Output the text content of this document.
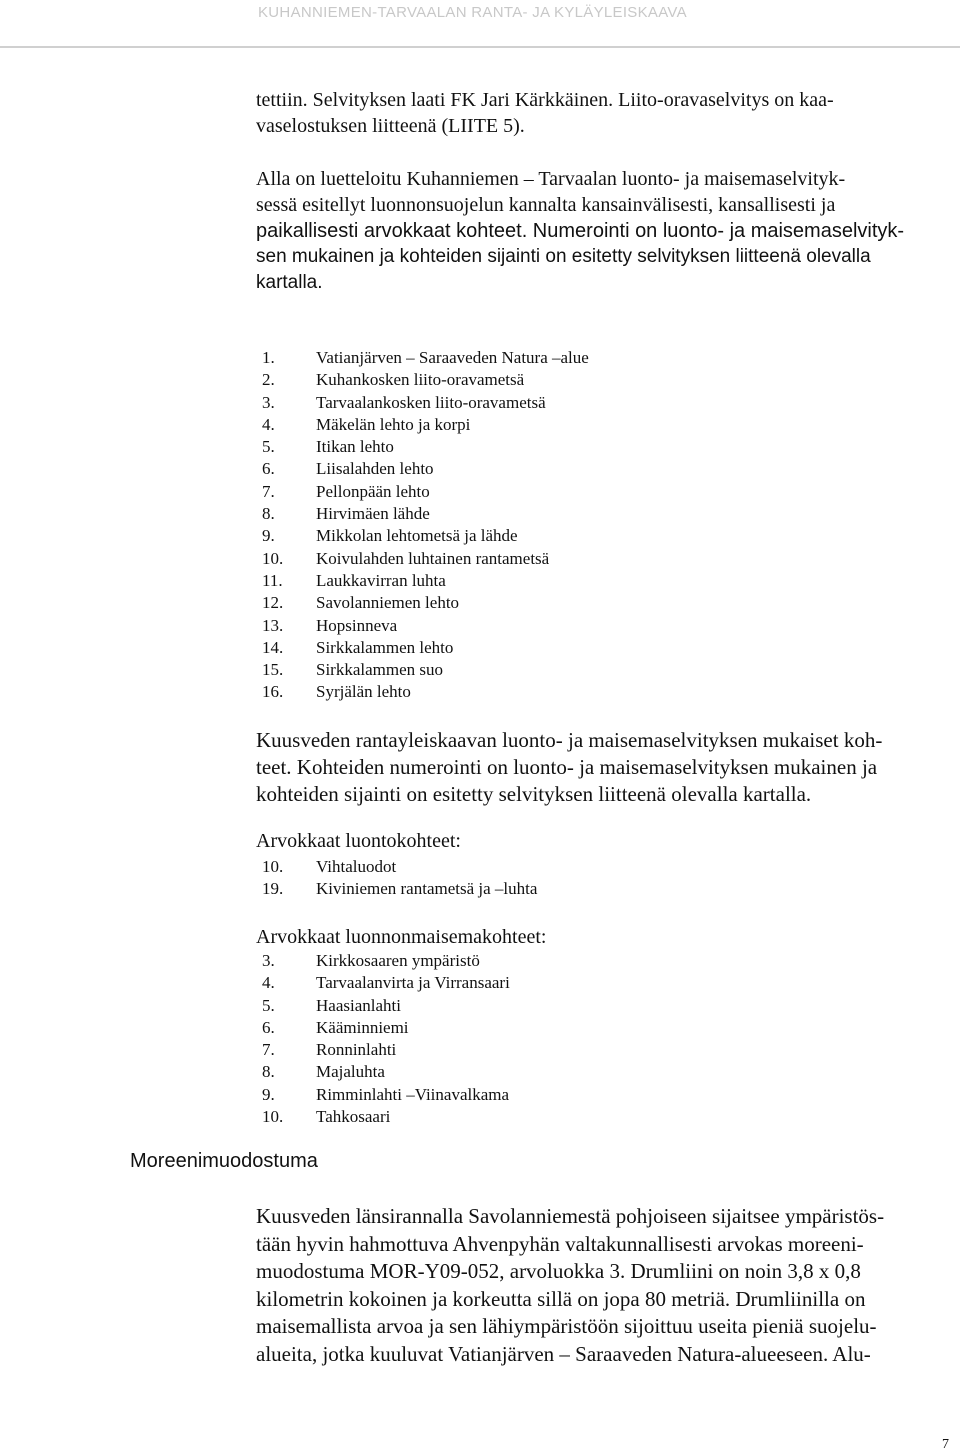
KUHANNIEMEN-TARVAALAN RANTA- JA KYLÄYLEISKAAVA
tettiin. Selvityksen laati FK Jari Kärkkäinen. Liito-oravaselvitys on kaa-
vaselostuksen liitteenä (LIITE 5).
Alla on luetteloitu Kuhanniemen – Tarvaalan luonto- ja maisemaselvityk-
sessä esitellyt luonnonsuojelun kannalta kansainvälisesti, kansallisesti ja
paikallisesti arvokkaat kohteet. Numerointi on luonto- ja maisemaselvityk-
sen mukainen ja kohteiden sijainti on esitetty selvityksen liitteenä olevalla
kartalla.
1.	Vatianjärven – Saraaveden Natura –alue
2.	Kuhankosken liito-oravametsä
3.	Tarvaalankosken liito-oravametsä
4.	Mäkelän lehto ja korpi
5.	Itikan lehto
6.	Liisalahden lehto
7.	Pellonpään lehto
8.	Hirvimäen lähde
9.	Mikkolan lehtometsä ja lähde
10.	Koivulahden luhtainen rantametsä
11.	Laukkavirran luhta
12.	Savolanniemen lehto
13.	Hopsinneva
14.	Sirkkalammen lehto
15.	Sirkkalammen suo
16.	Syrjälän lehto
Kuusveden rantayleiskaavan luonto- ja maisemaselvityksen mukaiset koh-
teet. Kohteiden numerointi on luonto- ja maisemaselvityksen mukainen ja
kohteiden sijainti on esitetty selvityksen liitteenä olevalla kartalla.
Arvokkaat luontokohteet:
10.	Vihtaluodot
19.	Kiviniemen rantametsä ja –luhta
Arvokkaat luonnonmaisemakohteet:
3.	Kirkkosaaren ympäristö
4.	Tarvaalanvirta ja Virransaari
5.	Haasianlahti
6.	Kääminniemi
7.	Ronninlahti
8.	Majaluhta
9.	Rimminlahti –Viinavalkama
10.	Tahkosaari
Moreenimuodostuma
Kuusveden länsirannalla Savolanniemestä pohjoiseen sijaitsee ympäristös-
tään hyvin hahmottuva Ahvenpyhän valtakunnallisesti arvokas moreeni-
muodostuma MOR-Y09-052, arvoluokka 3. Drumliini on noin 3,8 x 0,8
kilometrin kokoinen ja korkeutta sillä on jopa 80 metriä. Drumliinilla on
maisemallista arvoa ja sen lähiympäristöön sijoittuu useita pieniä suojelu-
alueita, jotka kuuluvat Vatianjärven – Saraaveden Natura-alueeseen. Alu-
7
